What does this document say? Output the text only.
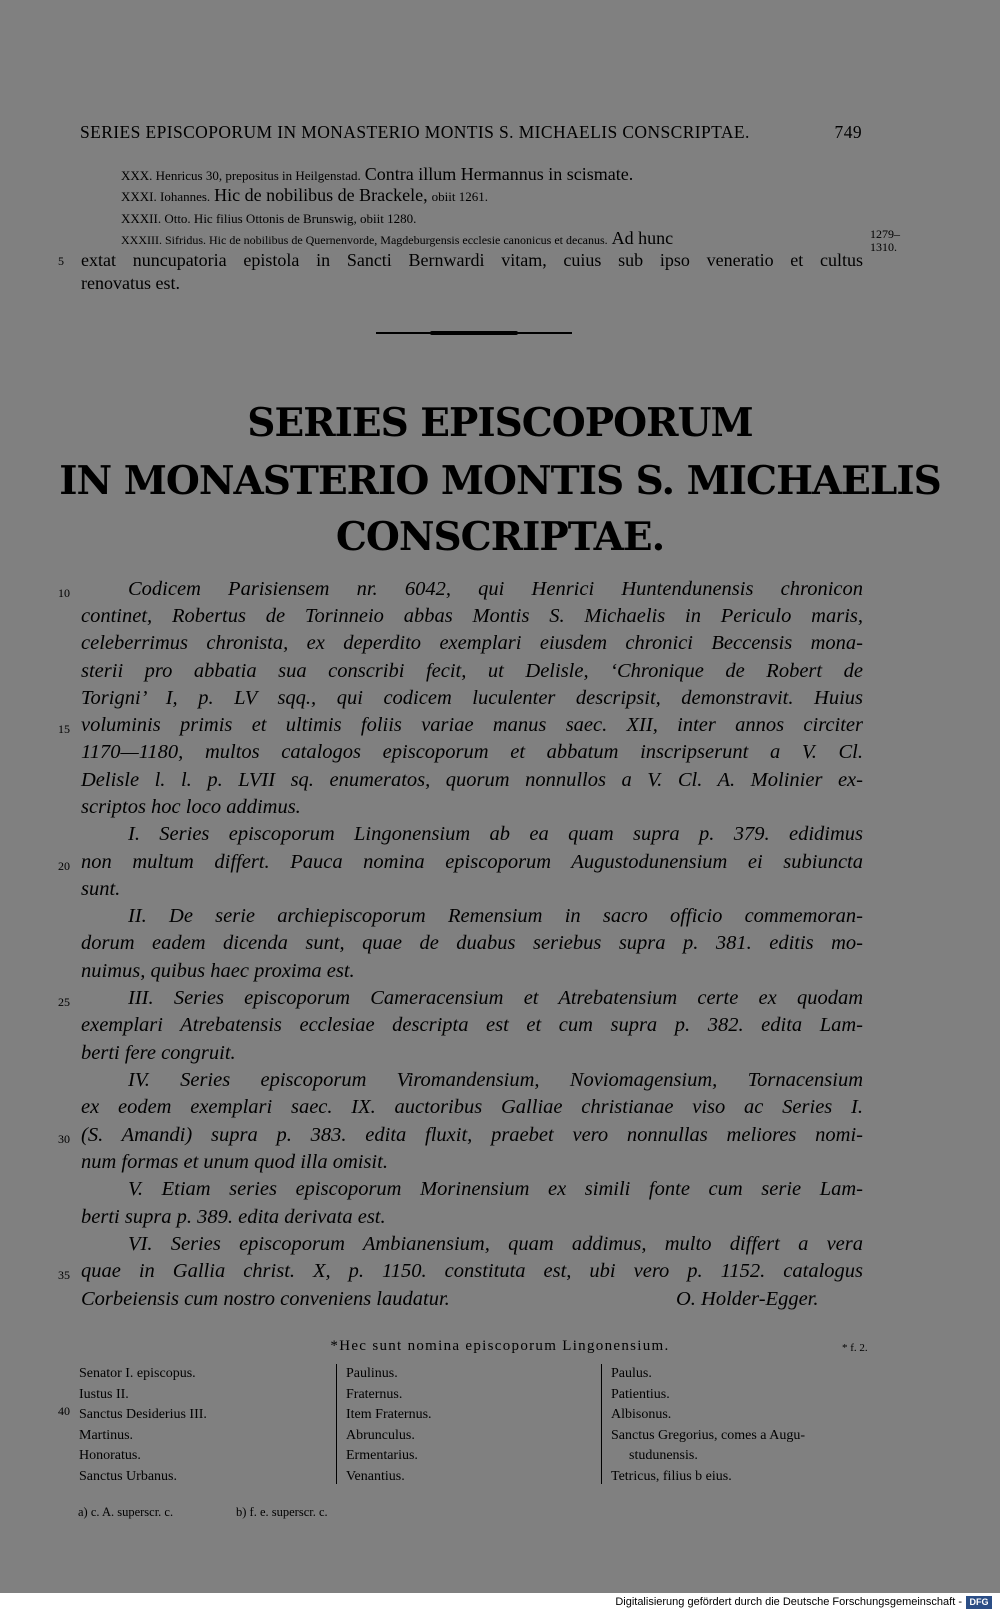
SERIES EPISCOPORUM IN MONASTERIO MONTIS S. MICHAELIS CONSCRIPTAE.	749
XXX. Henricus 30, prepositus in Heilgenstad. Contra illum Hermannus in scismate.
XXXI. Iohannes. Hic de nobilibus de Brackele, obiit 1261.
XXXII. Otto. Hic filius Ottonis de Brunswig, obiit 1280.
XXXIII. Sifridus. Hic de nobilibus de Quernenvorde, Magdeburgensis ecclesie canonicus et decanus. Ad hunc	1279–
1310.
extat nuncupatoria epistola in Sancti Bernwardi vitam, cuius sub ipso veneratio et cultus
renovatus est.
5
SERIES EPISCOPORUM
IN MONASTERIO MONTIS S. MICHAELIS
CONSCRIPTAE.
10
15
20
25
30
35
40
Codicem Parisiensem nr. 6042, qui Henrici Huntendunensis chronicon
continet, Robertus de Torinneio abbas Montis S. Michaelis in Periculo maris,
celeberrimus chronista, ex deperdito exemplari eiusdem chronici Beccensis mona-
sterii pro abbatia sua conscribi fecit, ut Delisle, ‘Chronique de Robert de
Torigni’ I, p. LV sqq., qui codicem luculenter descripsit, demonstravit. Huius
voluminis primis et ultimis foliis variae manus saec. XII, inter annos circiter
1170—1180, multos catalogos episcoporum et abbatum inscripserunt a V. Cl.
Delisle l. l. p. LVII sq. enumeratos, quorum nonnullos a V. Cl. A. Molinier ex-
scriptos hoc loco addimus.
I. Series episcoporum Lingonensium ab ea quam supra p. 379. edidimus
non multum differt. Pauca nomina episcoporum Augustodunensium ei subiuncta
sunt.
II. De serie archiepiscoporum Remensium in sacro officio commemoran-
dorum eadem dicenda sunt, quae de duabus seriebus supra p. 381. editis mo-
nuimus, quibus haec proxima est.
III. Series episcoporum Cameracensium et Atrebatensium certe ex quodam
exemplari Atrebatensis ecclesiae descripta est et cum supra p. 382. edita Lam-
berti fere congruit.
IV. Series episcoporum Viromandensium, Noviomagensium, Tornacensium
ex eodem exemplari saec. IX. auctoribus Galliae christianae viso ac Series I.
(S. Amandi) supra p. 383. edita fluxit, praebet vero nonnullas meliores nomi-
num formas et unum quod illa omisit.
V. Etiam series episcoporum Morinensium ex simili fonte cum serie Lam-
berti supra p. 389. edita derivata est.
VI. Series episcoporum Ambianensium, quam addimus, multo differt a vera
quae in Gallia christ. X, p. 1150. constituta est, ubi vero p. 1152. catalogus
Corbeiensis cum nostro conveniens laudatur.	O. Holder-Egger.
*Hec sunt nomina episcoporum Lingonensium.	* f. 2.
Senator I. episcopus.
Iustus II.
Sanctus Desiderius III.
Martinus.
Honoratus.
Sanctus Urbanus.
Paulinus.
Fraternus.
Item Fraternus.
Abrunculus.
Ermentarius.
Venantius.
Paulus.
Patientius.
Albisonus.
Sanctus Gregorius, comes a Augu-
studunensis.
Tetricus, filius b eius.
a) c. A. superscr. c.	b) f. e. superscr. c.
Digitalisierung gefördert durch die Deutsche Forschungsgemeinschaft - DFG
